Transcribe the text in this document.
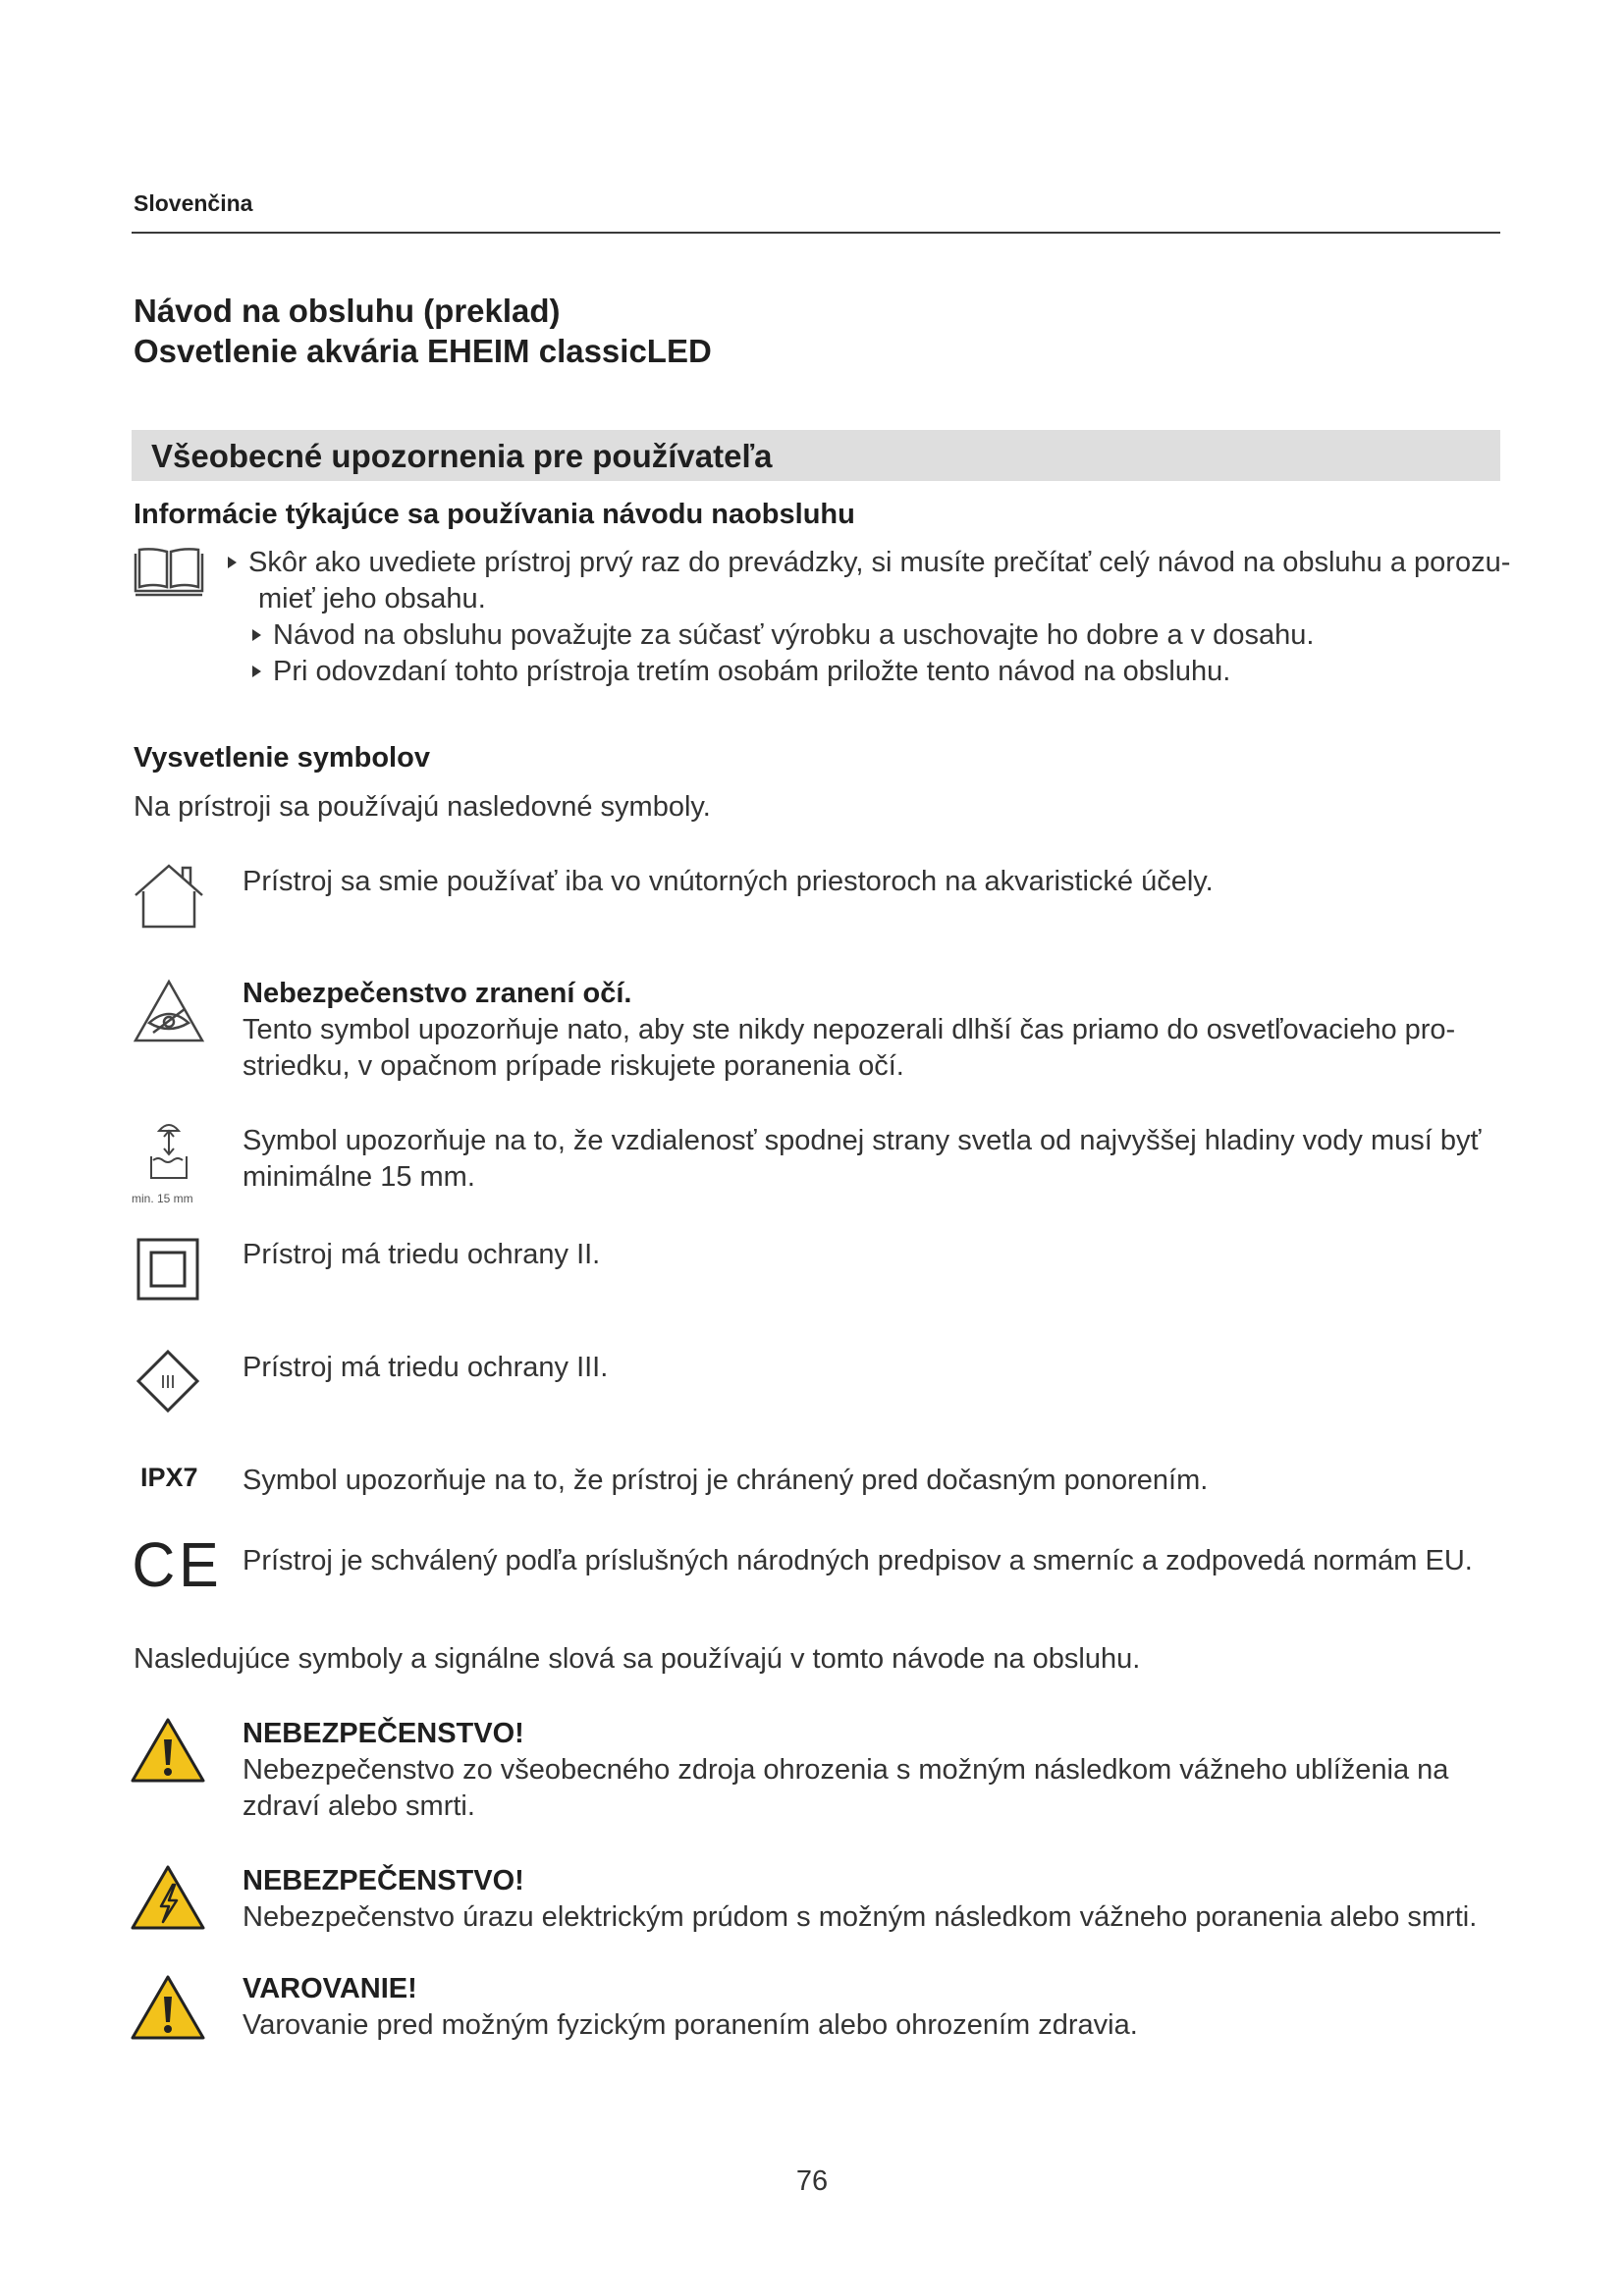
Slovenčina
Návod na obsluhu (preklad)
Osvetlenie akvária EHEIM classicLED
Všeobecné upozornenia pre používateľa
Informácie týkajúce sa používania návodu naobsluhu
Skôr ako uvediete prístroj prvý raz do prevádzky, si musíte prečítať celý návod na obsluhu a porozu-
mieť jeho obsahu.
Návod na obsluhu považujte za súčasť výrobku a uschovajte ho dobre a v dosahu.
Pri odovzdaní tohto prístroja tretím osobám priložte tento návod na obsluhu.
Vysvetlenie symbolov
Na prístroji sa používajú nasledovné symboly.
Prístroj sa smie používať iba vo vnútorných priestoroch na akvaristické účely.
Nebezpečenstvo zranení očí.
Tento symbol upozorňuje nato, aby ste nikdy nepozerali dlhší čas priamo do osvetľovacieho pro-
striedku, v opačnom prípade riskujete poranenia očí.
min. 15 mm
Symbol upozorňuje na to, že vzdialenosť spodnej strany svetla od najvyššej hladiny vody musí byť
minimálne 15 mm.
Prístroj má triedu ochrany II.
III Prístroj má triedu ochrany III.
IPX7 Symbol upozorňuje na to, že prístroj je chránený pred dočasným ponorením.
CE Prístroj je schválený podľa príslušných národných predpisov a smerníc a zodpovedá normám EU.
Nasledujúce symboly a signálne slová sa používajú v tomto návode na obsluhu.
NEBEZPEČENSTVO!
Nebezpečenstvo zo všeobecného zdroja ohrozenia s možným následkom vážneho ublíženia na
zdraví alebo smrti.
NEBEZPEČENSTVO!
Nebezpečenstvo úrazu elektrickým prúdom s možným následkom vážneho poranenia alebo smrti.
VAROVANIE!
Varovanie pred možným fyzickým poranením alebo ohrozením zdravia.
76
